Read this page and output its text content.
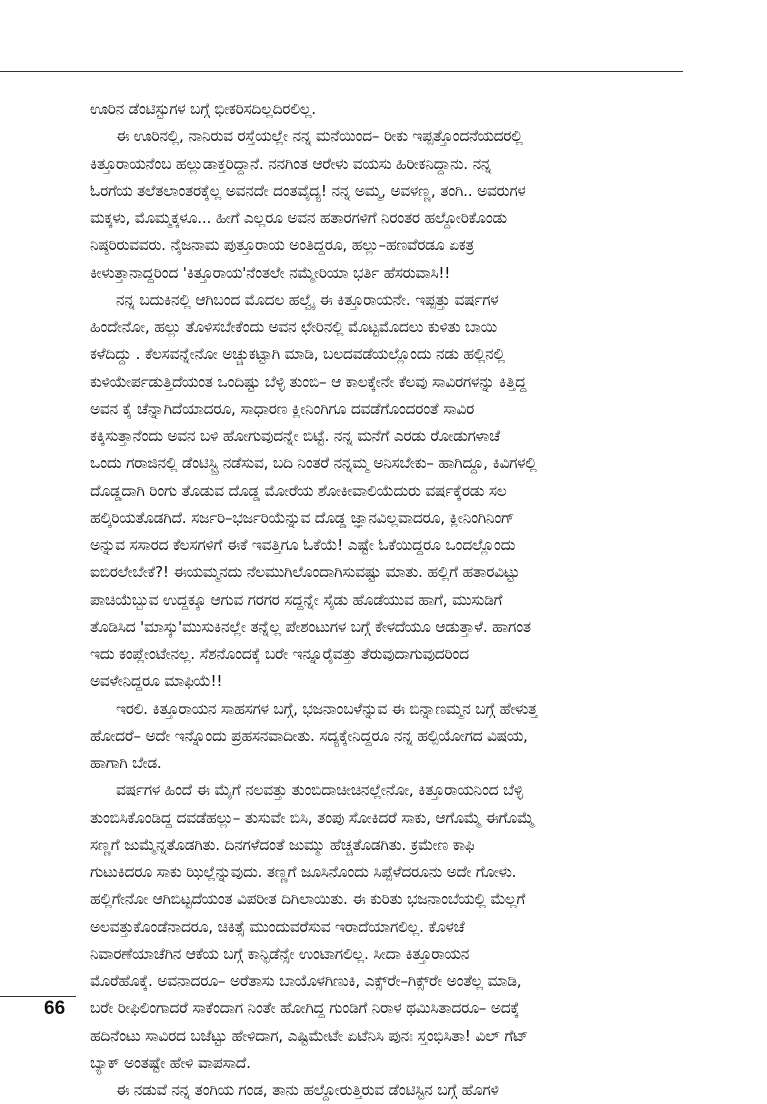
ಊರಿನ ಡೆಂಟಿಸ್ಟುಗಳ ಬಗ್ಗೆ ಭೀಕರಿಸದಿಲ್ಲದಿರಲಿಲ್ಲ.
ಈ ಊರಿನಲ್ಲಿ, ನಾನಿರುವ ರಸ್ತೆಯಲ್ಲೇ ನನ್ನ ಮನೆಯಿಂದ– ರೀಕು ಇಪ್ಪತ್ತೊಂದನೆಯದರಲ್ಲಿ
ಕಿತ್ತೂರಾಯನೆಂಬ ಹಲ್ಲುಡಾಕ್ತರಿದ್ದಾನೆ. ನನಗಿಂತ ಆರೇಳು ವಯಸು ಹಿರೀಕನಿದ್ದಾನು. ನನ್ನ
ಓರಗೆಯ ತಲೆತಲಾಂತರಕ್ಕೆಲ್ಲ ಅವನದೇ ದಂತವೈದ್ಯ! ನನ್ನ ಅಮ್ಮ, ಅವಳಣ್ಣ, ತಂಗಿ.. ಅವರುಗಳ
ಮಕ್ಕಳು, ಮೊಮ್ಮಕ್ಕಳೂ... ಹೀಗೆ ಎಲ್ಲರೂ ಅವನ ಹತಾರಗಳಿಗೆ ನಿರಂತರ ಹಲ್ದೋರಿಕೊಂಡು
ನಿಷ್ಠರಿರುವವರು. ನೈಜನಾಮ ಪುತ್ತೂರಾಯ ಅಂತಿದ್ದರೂ, ಹಲ್ಲು–ಹಣವೆರಡೂ ಏಕತ್ರ
ಕೀಳುತ್ತಾನಾದ್ದರಿಂದ 'ಕಿತ್ತೂರಾಯ'ನೆಂತಲೇ ನಮ್ಮೇರಿಯಾ ಭರ್ತಿ ಹೆಸರುವಾಸಿ!!
ನನ್ನ ಬದುಕಿನಲ್ಲಿ ಆಗಿಬಂದ ಮೊದಲ ಹಲ್ವೈ ಈ ಕಿತ್ತೂರಾಯನೇ. ಇಪ್ಪತ್ತು ವರ್ಷಗಳ
ಹಿಂದೇನೋ, ಹಲ್ಲು ತೊಳಿಸಬೇಕೆಂದು ಅವನ ಛೇರಿನಲ್ಲಿ ಮೊಟ್ಟಮೊದಲು ಕುಳಿತು ಬಾಯಿ
ಕಳೆದಿದ್ದು . ಕೆಲಸವನ್ನೇನೋ ಅಚ್ಚುಕಟ್ಟಾಗಿ ಮಾಡಿ, ಬಲದವಡೆಯಲ್ಲೊಂದು ನಡು ಹಲ್ಲಿನಲ್ಲಿ
ಕುಳಿಯೇರ್ಪಡುತ್ತಿದೆಯಂತ ಒಂದಿಷ್ಟು ಬೆಳ್ಳಿ ತುಂಬಿ– ಆ ಕಾಲಕ್ಕೇನೇ ಕೆಲವು ಸಾವಿರಗಳನ್ನು ಕಿತ್ತಿದ್ದ
ಅವನ ಕೈ ಚೆನ್ನಾಗಿದೆಯಾದರೂ, ಸಾಧಾರಣ ಕ್ಲೀನಿಂಗಿಗೂ ದವಡೆಗೊಂದರಂತೆ ಸಾವಿರ
ಕಕ್ಕಿಸುತ್ತಾನೆಂದು ಅವನ ಬಳಿ ಹೋಗುವುದನ್ನೇ ಬಿಟ್ಟೆ. ನನ್ನ ಮನೆಗೆ ಎರಡು ರೋಡುಗಳಾಚೆ
ಒಂದು ಗರಾಜಿನಲ್ಲಿ ಡೆಂಟಿಸ್ಟ್ರಿ ನಡೆಸುವ, ಬದಿ ನಿಂತರೆ ನನ್ನಮ್ಮ ಅನಿಸಬೇಕು– ಹಾಗಿದ್ದೂ, ಕಿವಿಗಳಲ್ಲಿ
ದೊಡ್ಡದಾಗಿ ರಿಂಗು ತೊಡುವ ದೊಡ್ಡ ಮೋರೆಯ ಶೋಕೀವಾಲಿಯೆದುರು ವರ್ಷಕ್ಕೆರಡು ಸಲ
ಹಲ್ಕಿರಿಯತೊಡಗಿದೆ. ಸರ್ಜರಿ–ಭರ್ಜರಿಯೆನ್ನುವ ದೊಡ್ಡ ಜ್ಞಾನವಿಲ್ಲವಾದರೂ, ಕ್ಲೀನಿಂಗಿನಿಂಗ್
ಅನ್ನುವ ಸಸಾರದ ಕೆಲಸಗಳಿಗೆ ಈಕೆ ಇವತ್ತಿಗೂ ಓಕೆಯೆ! ಎಷ್ಟೇ ಓಕೆಯಿದ್ದರೂ ಒಂದಲ್ಲೊಂದು
ಐಬಿರಲೇಬೇಕೆ?! ಈಯಮ್ಮನದು ನೆಲಮುಗಿಲೊಂದಾಗಿಸುವಷ್ಟು ಮಾತು. ಹಲ್ಲಿಗೆ ಹತಾರವಿಟ್ಟು
ಪಾಚಿಯೆಬ್ಬುವ ಉದ್ದಕ್ಕೂ ಆಗುವ ಗರಗರ ಸದ್ದನ್ನೇ ಸೈಡು ಹೊಡೆಯುವ ಹಾಗೆ, ಮುಸುಡಿಗೆ
ತೊಡಿಸಿದ 'ಮಾಸ್ಕು'ಮುಸುಕಿನಲ್ಲೇ ತನ್ನೆಲ್ಲ ಪೇಶಂಟುಗಳ ಬಗ್ಗೆ ಕೇಳದೆಯೂ ಆಡುತ್ತಾಳೆ. ಹಾಗಂತ
ಇದು ಕಂಪ್ಲೇಂಟೇನಲ್ಲ. ಸೆಶನೊಂದಕ್ಕೆ ಬರೇ ಇನ್ನೂರೈವತ್ತು ತೆರುವುದಾಗುವುದರಿಂದ
ಅವಳೇನಿದ್ದರೂ ಮಾಫಿಯೆ!!
ಇರಲಿ. ಕಿತ್ತೂರಾಯನ ಸಾಹಸಗಳ ಬಗ್ಗೆ, ಭಜನಾಂಬಳೆನ್ನುವ ಈ ಬಿನ್ನಾಣಮ್ಮನ ಬಗ್ಗೆ ಹೇಳುತ್ತ
ಹೋದರೆ– ಅದೇ ಇನ್ನೊಂದು ಪ್ರಹಸನವಾದೀತು. ಸದ್ಯಕ್ಕೇನಿದ್ದರೂ ನನ್ನ ಹಲ್ಪಿಯೋಗದ ವಿಷಯ,
ಹಾಗಾಗಿ ಬೇಡ.
ವರ್ಷಗಳ ಹಿಂದೆ ಈ ಮೈಗೆ ನಲವತ್ತು ತುಂಬಿದಾಚೀಚಿನಲ್ಲೇನೋ, ಕಿತ್ತೂರಾಯನಿಂದ ಬೆಳ್ಳಿ
ತುಂಬಿಸಿಕೊಂಡಿದ್ದ ದವಡೆಹಲ್ಲು– ತುಸುವೇ ಬಿಸಿ, ತಂಪು ಸೋಕಿದರೆ ಸಾಕು, ಆಗೊಮ್ಮೆ ಈಗೊಮ್ಮೆ
ಸಣ್ಣಗೆ ಜುಮ್ಮೆನ್ನತೊಡಗಿತು. ದಿನಗಳೆದಂತೆ ಜುಮ್ಮು ಹೆಚ್ಚತೊಡಗಿತು. ಕ್ರಮೇಣ ಕಾಫಿ
ಗುಟುಕಿದರೂ ಸಾಕು ಝಿಲ್ಲೆನ್ನುವುದು. ತಣ್ಣಗೆ ಜೂಸಿನೊಂದು ಸಿಪ್ಪೆಳೆದರೂನು ಅದೇ ಗೋಳು.
ಹಲ್ಲಿಗೇನೋ ಆಗಿಬಿಟ್ಟದೆಯಂತ ವಿಪರೀತ ದಿಗಿಲಾಯಿತು. ಈ ಕುರಿತು ಭಜನಾಂಬೆಯಲ್ಲಿ ಮೆಲ್ಲಗೆ
ಅಲವತ್ತುಕೊಂಡೆನಾದರೂ, ಚಿಕಿತ್ಸೆ ಮುಂದುವರೆಸುವ ಇರಾದೆಯಾಗಲಿಲ್ಲ. ಕೊಳಚೆ
ನಿವಾರಣೆಯಾಚೆಗಿನ ಆಕೆಯ ಬಗ್ಗೆ ಕಾನ್ಫಿಡೆನ್ಸೇ ಉಂಟಾಗಲಿಲ್ಲ. ಸೀದಾ ಕಿತ್ತೂರಾಯನ
ಮೊರೆಹೊಕ್ಕೆ. ಅವನಾದರೂ– ಅರೆತಾಸು ಬಾಯೊಳಗಿಣುಕಿ, ಎಕ್ಸ್‌ರೇ–ಗಿಕ್ಸ್‌ರೇ ಅಂತೆಲ್ಲ ಮಾಡಿ,
ಬರೇ ರೀಫಿಲಿಂಗಾದರೆ ಸಾಕೆಂದಾಗ ನಿಂತೇ ಹೋಗಿದ್ದ ಗುಂಡಿಗೆ ನಿರಾಳ ಥಮಿಸಿತಾದರೂ– ಅದಕ್ಕೆ
ಹದಿನೆಂಟು ಸಾವಿರದ ಬಜೆಟ್ಟು ಹೇಳಿದಾಗ, ಎಷ್ಟಿಮೇಟೇ ಏಟೆನಿಸಿ ಪುನಃ ಸ್ತಂಭಿಸಿತಾ! ವಿಲ್ ಗೆಟ್
ಬ್ಯಾಕ್ ಅಂತಷ್ಟೇ ಹೇಳಿ ವಾಪಸಾದೆ.
ಈ ನಡುವೆ ನನ್ನ ತಂಗಿಯ ಗಂಡ, ತಾನು ಹಲ್ದೋರುತ್ತಿರುವ ಡೆಂಟಿಸ್ಟಿನ ಬಗ್ಗೆ ಹೊಗಳಿ
66
